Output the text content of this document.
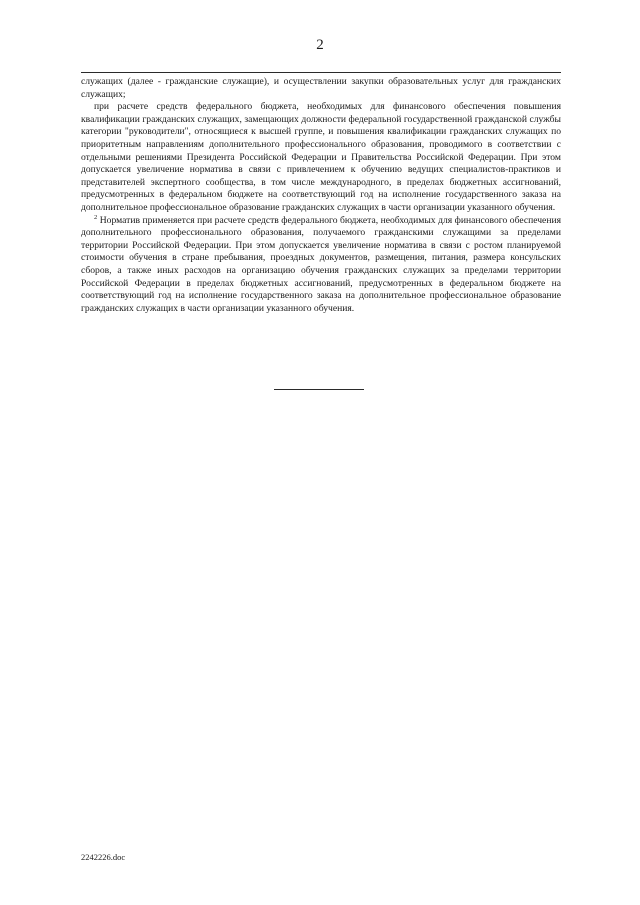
2

служащих (далее - гражданские служащие), и осуществлении закупки образовательных услуг для гражданских служащих;

при расчете средств федерального бюджета, необходимых для финансового обеспечения повышения квалификации гражданских служащих, замещающих должности федеральной государственной гражданской службы категории "руководители", относящиеся к высшей группе, и повышения квалификации гражданских служащих по приоритетным направлениям дополнительного профессионального образования, проводимого в соответствии с отдельными решениями Президента Российской Федерации и Правительства Российской Федерации. При этом допускается увеличение норматива в связи с привлечением к обучению ведущих специалистов-практиков и представителей экспертного сообщества, в том числе международного, в пределах бюджетных ассигнований, предусмотренных в федеральном бюджете на соответствующий год на исполнение государственного заказа на дополнительное профессиональное образование гражданских служащих в части организации указанного обучения.

$^2$ Норматив применяется при расчете средств федерального бюджета, необходимых для финансового обеспечения дополнительного профессионального образования, получаемого гражданскими служащими за пределами территории Российской Федерации. При этом допускается увеличение норматива в связи с ростом планируемой стоимости обучения в стране пребывания, проездных документов, размещения, питания, размера консульских сборов, а также иных расходов на организацию обучения гражданских служащих за пределами территории Российской Федерации в пределах бюджетных ассигнований, предусмотренных в федеральном бюджете на соответствующий год на исполнение государственного заказа на дополнительное профессиональное образование гражданских служащих в части организации указанного обучения.

2242226.doc
